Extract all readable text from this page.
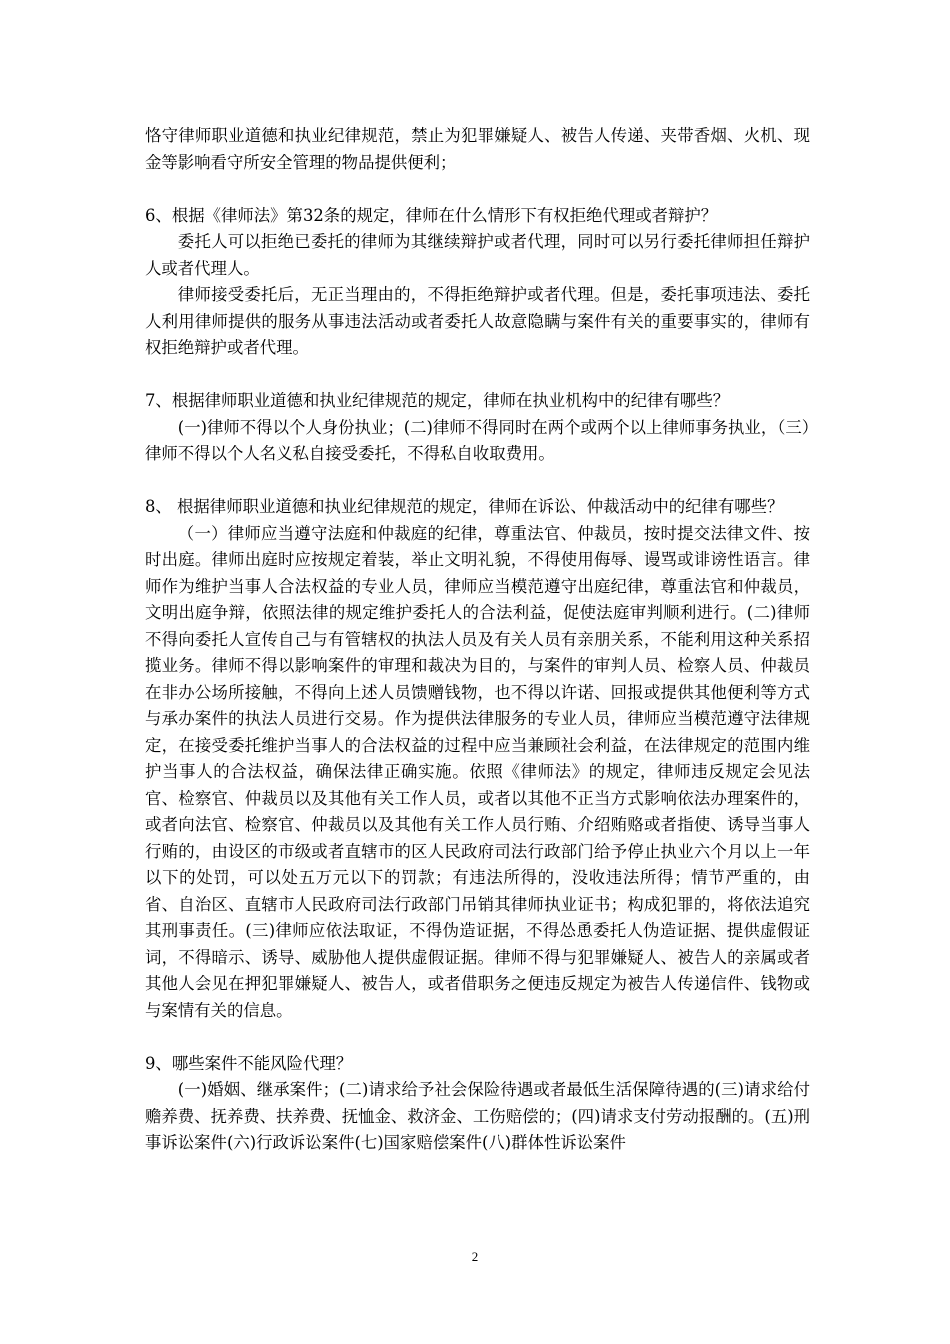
恪守律师职业道德和执业纪律规范，禁止为犯罪嫌疑人、被告人传递、夹带香烟、火机、现金等影响看守所安全管理的物品提供便利；

6、根据《律师法》第32条的规定，律师在什么情形下有权拒绝代理或者辩护？

委托人可以拒绝已委托的律师为其继续辩护或者代理，同时可以另行委托律师担任辩护人或者代理人。

律师接受委托后，无正当理由的，不得拒绝辩护或者代理。但是，委托事项违法、委托人利用律师提供的服务从事违法活动或者委托人故意隐瞒与案件有关的重要事实的，律师有权拒绝辩护或者代理。

7、根据律师职业道德和执业纪律规范的规定，律师在执业机构中的纪律有哪些？

(一)律师不得以个人身份执业；(二)律师不得同时在两个或两个以上律师事务执业，（三）律师不得以个人名义私自接受委托，不得私自收取费用。

8、 根据律师职业道德和执业纪律规范的规定，律师在诉讼、仲裁活动中的纪律有哪些？

（一）律师应当遵守法庭和仲裁庭的纪律，尊重法官、仲裁员，按时提交法律文件、按时出庭。律师出庭时应按规定着装，举止文明礼貌，不得使用侮辱、谩骂或诽谤性语言。律师作为维护当事人合法权益的专业人员，律师应当模范遵守出庭纪律，尊重法官和仲裁员，文明出庭争辩，依照法律的规定维护委托人的合法利益，促使法庭审判顺利进行。(二)律师不得向委托人宣传自己与有管辖权的执法人员及有关人员有亲朋关系，不能利用这种关系招揽业务。律师不得以影响案件的审理和裁决为目的，与案件的审判人员、检察人员、仲裁员在非办公场所接触，不得向上述人员馈赠钱物，也不得以许诺、回报或提供其他便利等方式与承办案件的执法人员进行交易。作为提供法律服务的专业人员，律师应当模范遵守法律规定，在接受委托维护当事人的合法权益的过程中应当兼顾社会利益，在法律规定的范围内维护当事人的合法权益，确保法律正确实施。依照《律师法》的规定，律师违反规定会见法官、检察官、仲裁员以及其他有关工作人员，或者以其他不正当方式影响依法办理案件的，或者向法官、检察官、仲裁员以及其他有关工作人员行贿、介绍贿赂或者指使、诱导当事人行贿的，由设区的市级或者直辖市的区人民政府司法行政部门给予停止执业六个月以上一年以下的处罚，可以处五万元以下的罚款；有违法所得的，没收违法所得；情节严重的，由省、自治区、直辖市人民政府司法行政部门吊销其律师执业证书；构成犯罪的，将依法追究其刑事责任。(三)律师应依法取证，不得伪造证据，不得怂恿委托人伪造证据、提供虚假证词，不得暗示、诱导、威胁他人提供虚假证据。律师不得与犯罪嫌疑人、被告人的亲属或者其他人会见在押犯罪嫌疑人、被告人，或者借职务之便违反规定为被告人传递信件、钱物或与案情有关的信息。

9、哪些案件不能风险代理？

(一)婚姻、继承案件；(二)请求给予社会保险待遇或者最低生活保障待遇的(三)请求给付赡养费、抚养费、扶养费、抚恤金、救济金、工伤赔偿的；(四)请求支付劳动报酬的。(五)刑事诉讼案件(六)行政诉讼案件(七)国家赔偿案件(八)群体性诉讼案件

2
